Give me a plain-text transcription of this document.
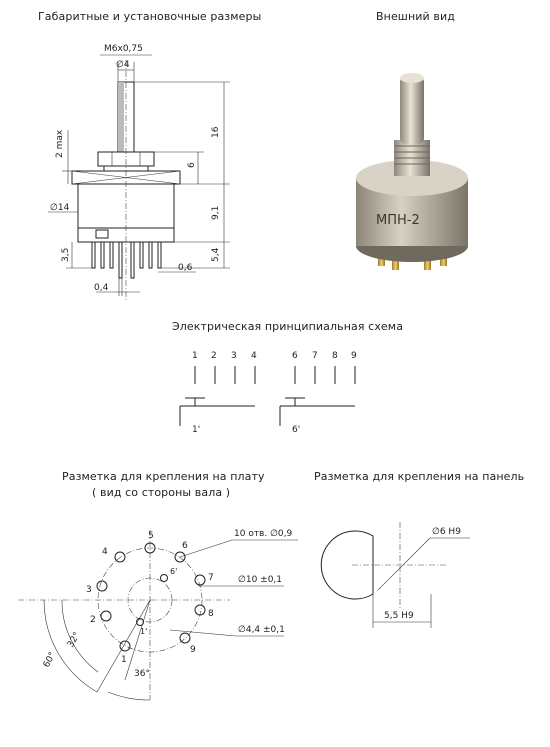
Габаритные и установочные размеры	Внешний вид
Электрическая принципиальная схема
Разметка для крепления на плату
( вид со стороны вала )
Разметка для крепления на панель
М6х0,75
∅4
16
6
9,1
5,4
2 max
∅14
3,5
0,4
0,6
МПН-2
1 2 3 4	6 7 8 9
1'	6'
1
2
3
4
5
6
7
8
9
1'
6'
10 отв. ∅0,9
∅10 ±0,1
∅4,4 ±0,1
60°
32°
36°
∅6 Н9
5,5 Н9
